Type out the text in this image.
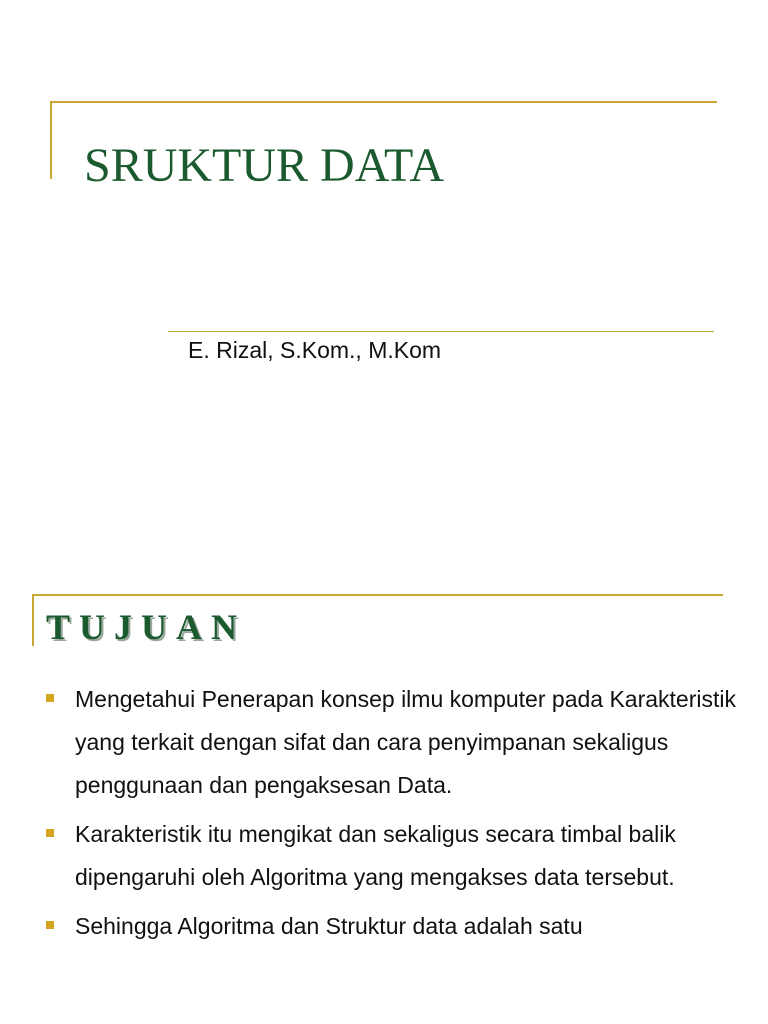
SRUKTUR DATA
E. Rizal, S.Kom., M.Kom
TUJUAN
Mengetahui Penerapan konsep ilmu komputer pada Karakteristik yang terkait dengan sifat dan cara penyimpanan sekaligus penggunaan dan pengaksesan Data.
Karakteristik itu mengikat dan sekaligus secara timbal balik dipengaruhi oleh Algoritma yang mengakses data tersebut.
Sehingga Algoritma dan Struktur data adalah satu
